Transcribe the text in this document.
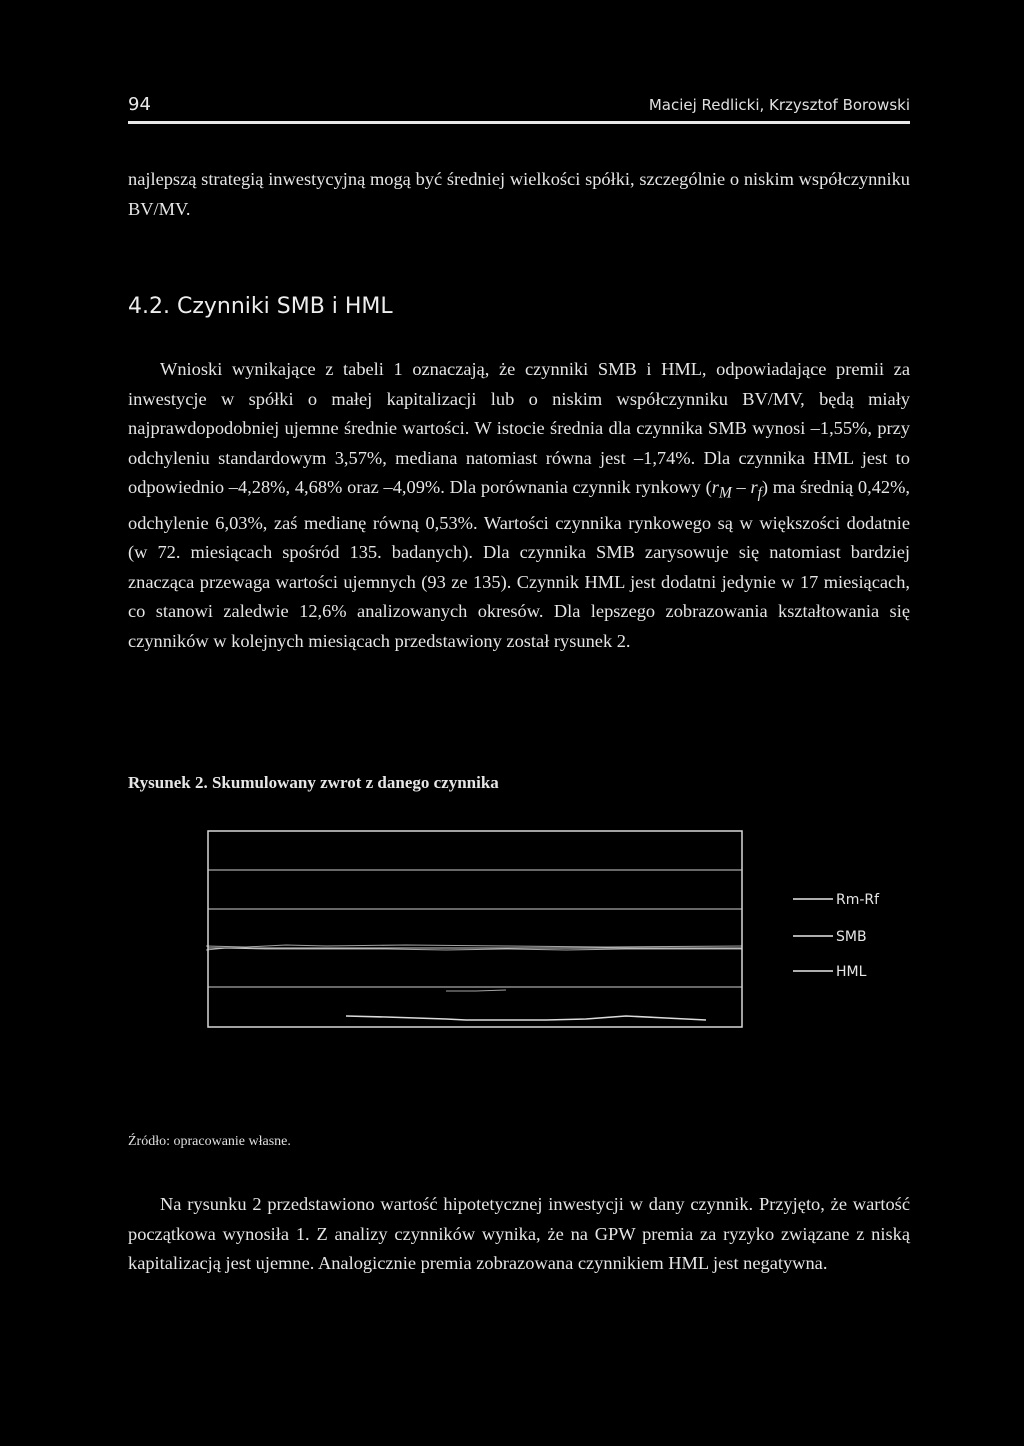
94	Maciej Redlicki, Krzysztof Borowski

najlepszą strategią inwestycyjną mogą być średniej wielkości spółki, szczególnie o niskim współczynniku BV/MV.

4.2. Czynniki SMB i HML

Wnioski wynikające z tabeli 1 oznaczają, że czynniki SMB i HML, odpowiadające premii za inwestycje w spółki o małej kapitalizacji lub o niskim współczynniku BV/MV, będą miały najprawdopodobniej ujemne średnie wartości. W istocie średnia dla czynnika SMB wynosi –1,55%, przy odchyleniu standardowym 3,57%, mediana natomiast równa jest –1,74%. Dla czynnika HML jest to odpowiednio –4,28%, 4,68% oraz –4,09%. Dla porównania czynnik rynkowy $(r_M - r_f)$ ma średnią 0,42%, odchylenie 6,03%, zaś medianę równą 0,53%. Wartości czynnika rynkowego są w większości dodatnie (w 72. miesiącach spośród 135. badanych). Dla czynnika SMB zarysowuje się natomiast bardziej znacząca przewaga wartości ujemnych (93 ze 135). Czynnik HML jest dodatni jedynie w 17 miesiącach, co stanowi zaledwie 12,6% analizowanych okresów. Dla lepszego zobrazowania kształtowania się czynników w kolejnych miesiącach przedstawiony został rysunek 2.

Rysunek 2. Skumulowany zwrot z danego czynnika

Rm-Rf
SMB
HML

Źródło: opracowanie własne.

Na rysunku 2 przedstawiono wartość hipotetycznej inwestycji w dany czynnik. Przyjęto, że wartość początkowa wynosiła 1. Z analizy czynników wynika, że na GPW premia za ryzyko związane z niską kapitalizacją jest ujemne. Analogicznie premia zobrazowana czynnikiem HML jest negatywna.
